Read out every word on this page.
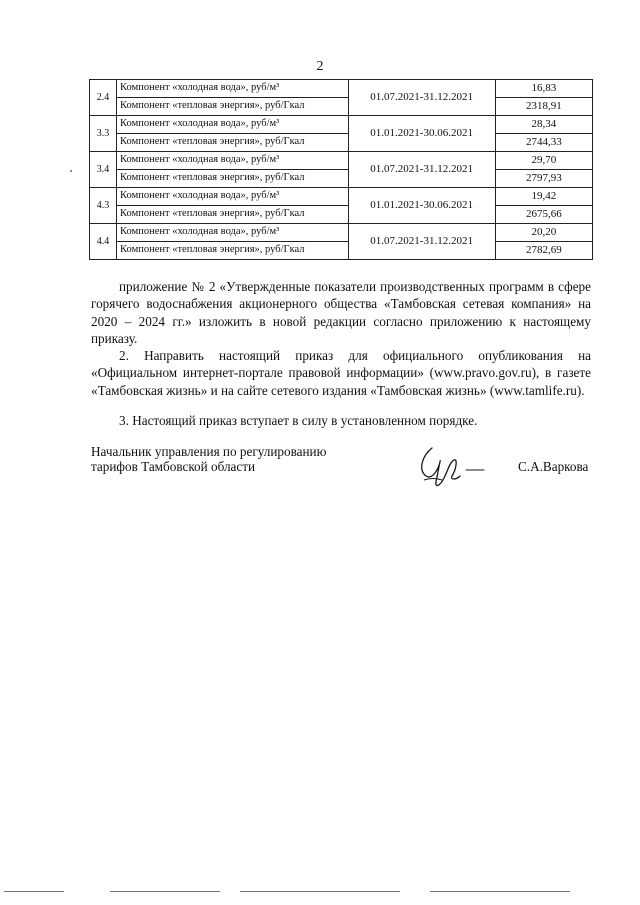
2
2.4	Компонент «холодная вода», руб/м³	01.07.2021-31.12.2021	16,83
	Компонент «тепловая энергия», руб/Гкал		2318,91
3.3	Компонент «холодная вода», руб/м³	01.01.2021-30.06.2021	28,34
	Компонент «тепловая энергия», руб/Гкал		2744,33
3.4	Компонент «холодная вода», руб/м³	01.07.2021-31.12.2021	29,70
	Компонент «тепловая энергия», руб/Гкал		2797,93
4.3	Компонент «холодная вода», руб/м³	01.01.2021-30.06.2021	19,42
	Компонент «тепловая энергия», руб/Гкал		2675,66
4.4	Компонент «холодная вода», руб/м³	01.07.2021-31.12.2021	20,20
	Компонент «тепловая энергия», руб/Гкал		2782,69
приложение № 2 «Утвержденные показатели производственных программ в сфере горячего водоснабжения акционерного общества «Тамбовская сетевая компания» на 2020 – 2024 гг.» изложить в новой редакции согласно приложению к настоящему приказу.
2. Направить настоящий приказ для официального опубликования на «Официальном интернет-портале правовой информации» (www.pravo.gov.ru), в газете «Тамбовская жизнь» и на сайте сетевого издания «Тамбовская жизнь» (www.tamlife.ru).
3. Настоящий приказ вступает в силу в установленном порядке.
Начальник управления по регулированию
тарифов Тамбовской области	С.А.Варкова
